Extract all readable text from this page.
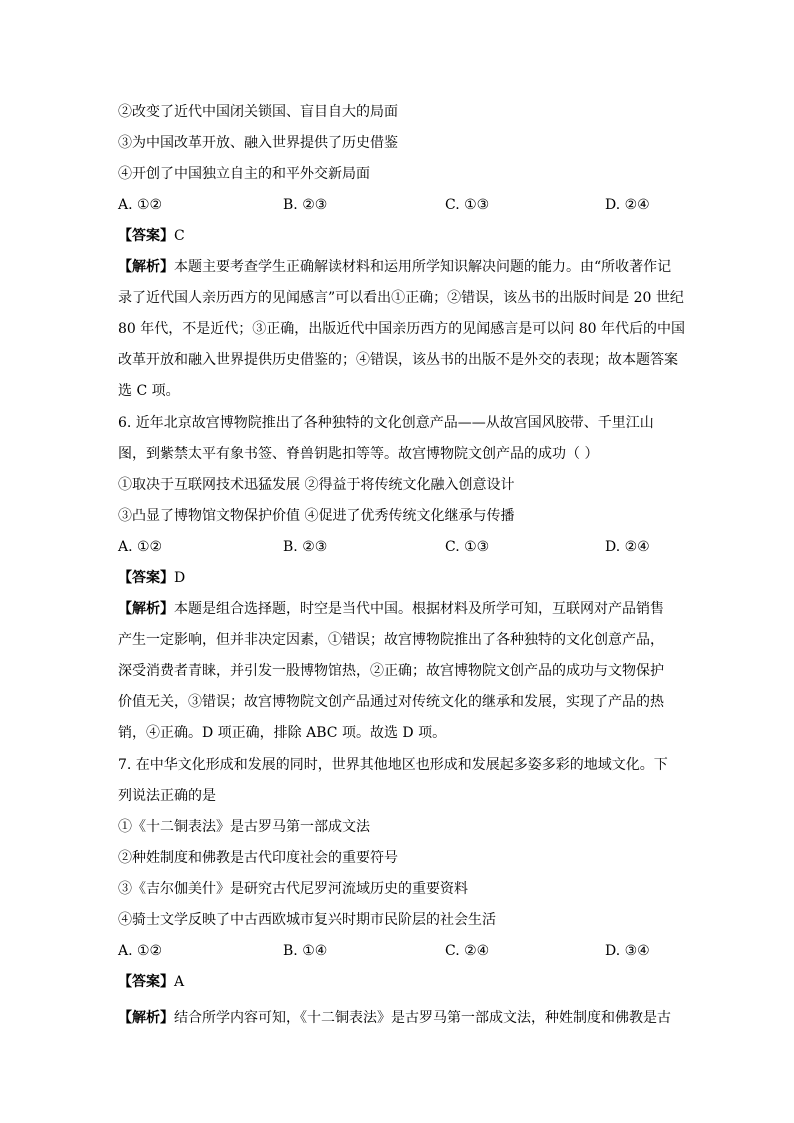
②改变了近代中国闭关锁国、盲目自大的局面
③为中国改革开放、融入世界提供了历史借鉴
④开创了中国独立自主的和平外交新局面
A. ①②	B. ②③	C. ①③	D. ②④
【答案】C
【解析】本题主要考查学生正确解读材料和运用所学知识解决问题的能力。由“所收著作记
录了近代国人亲历西方的见闻感言”可以看出①正确；②错误，该丛书的出版时间是 20 世纪
80 年代，不是近代；③正确，出版近代中国亲历西方的见闻感言是可以问 80 年代后的中国
改革开放和融入世界提供历史借鉴的；④错误，该丛书的出版不是外交的表现；故本题答案
选 C 项。
6. 近年北京故宫博物院推出了各种独特的文化创意产品——从故宫国风胶带、千里江山
图，到紫禁太平有象书签、脊兽钥匙扣等等。故宫博物院文创产品的成功（ ）
①取决于互联网技术迅猛发展 ②得益于将传统文化融入创意设计
③凸显了博物馆文物保护价值 ④促进了优秀传统文化继承与传播
A. ①②	B. ②③	C. ①③	D. ②④
【答案】D
【解析】本题是组合选择题，时空是当代中国。根据材料及所学可知，互联网对产品销售
产生一定影响，但并非决定因素，①错误；故宫博物院推出了各种独特的文化创意产品，
深受消费者青睐，并引发一股博物馆热，②正确；故宫博物院文创产品的成功与文物保护
价值无关，③错误；故宫博物院文创产品通过对传统文化的继承和发展，实现了产品的热
销，④正确。D 项正确，排除 ABC 项。故选 D 项。
7. 在中华文化形成和发展的同时，世界其他地区也形成和发展起多姿多彩的地域文化。下
列说法正确的是
①《十二铜表法》是古罗马第一部成文法
②种姓制度和佛教是古代印度社会的重要符号
③《吉尔伽美什》是研究古代尼罗河流域历史的重要资料
④骑士文学反映了中古西欧城市复兴时期市民阶层的社会生活
A. ①②	B. ①④	C. ②④	D. ③④
【答案】A
【解析】结合所学内容可知，《十二铜表法》是古罗马第一部成文法，种姓制度和佛教是古
